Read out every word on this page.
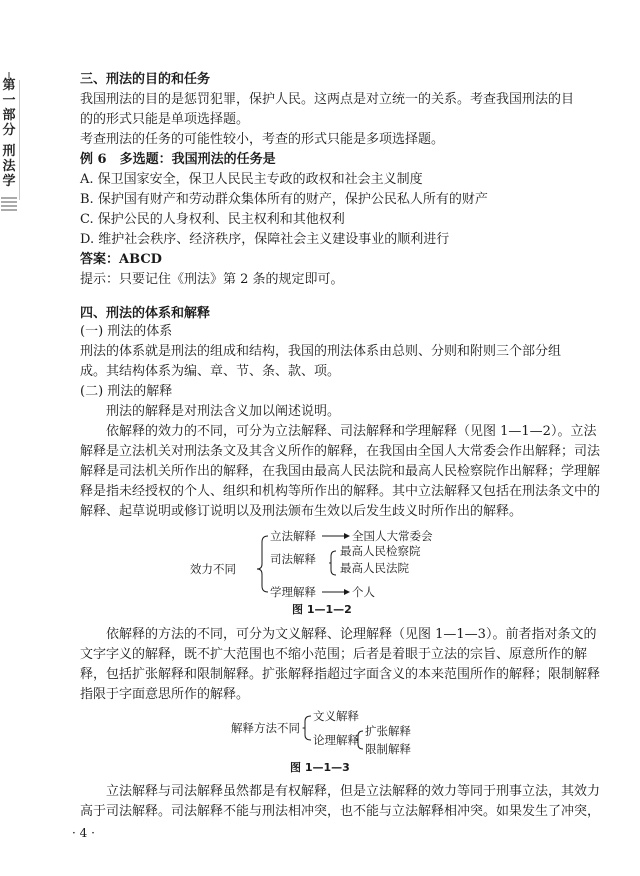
第
一
部
分
刑
法
学
三、刑法的目的和任务
我国刑法的目的是惩罚犯罪，保护人民。这两点是对立统一的关系。考查我国刑法的目
的的形式只能是单项选择题。
考查刑法的任务的可能性较小，考查的形式只能是多项选择题。
例 6　多选题：我国刑法的任务是
A. 保卫国家安全，保卫人民民主专政的政权和社会主义制度
B. 保护国有财产和劳动群众集体所有的财产，保护公民私人所有的财产
C. 保护公民的人身权利、民主权利和其他权利
D. 维护社会秩序、经济秩序，保障社会主义建设事业的顺利进行
答案：ABCD
提示：只要记住《刑法》第 2 条的规定即可。
四、刑法的体系和解释
(一) 刑法的体系
刑法的体系就是刑法的组成和结构，我国的刑法体系由总则、分则和附则三个部分组
成。其结构体系为编、章、节、条、款、项。
(二) 刑法的解释
刑法的解释是对刑法含义加以阐述说明。
依解释的效力的不同，可分为立法解释、司法解释和学理解释（见图 1—1—2）。立法
解释是立法机关对刑法条文及其含义所作的解释，在我国由全国人大常委会作出解释；司法
解释是司法机关所作出的解释，在我国由最高人民法院和最高人民检察院作出解释；学理解
释是指未经授权的个人、组织和机构等所作出的解释。其中立法解释又包括在刑法条文中的
解释、起草说明或修订说明以及刑法颁布生效以后发生歧义时所作出的解释。
效力不同
立法解释	全国人大常委会
司法解释
最高人民检察院
最高人民法院
学理解释	个人
图 1—1—2
依解释的方法的不同，可分为文义解释、论理解释（见图 1—1—3）。前者指对条文的
文字字义的解释，既不扩大范围也不缩小范围；后者是着眼于立法的宗旨、原意所作的解
释，包括扩张解释和限制解释。扩张解释指超过字面含义的本来范围所作的解释；限制解释
指限于字面意思所作的解释。
解释方法不同
文义解释
论理解释
扩张解释
限制解释
图 1—1—3
立法解释与司法解释虽然都是有权解释，但是立法解释的效力等同于刑事立法，其效力
高于司法解释。司法解释不能与刑法相冲突，也不能与立法解释相冲突。如果发生了冲突，
· 4 ·
